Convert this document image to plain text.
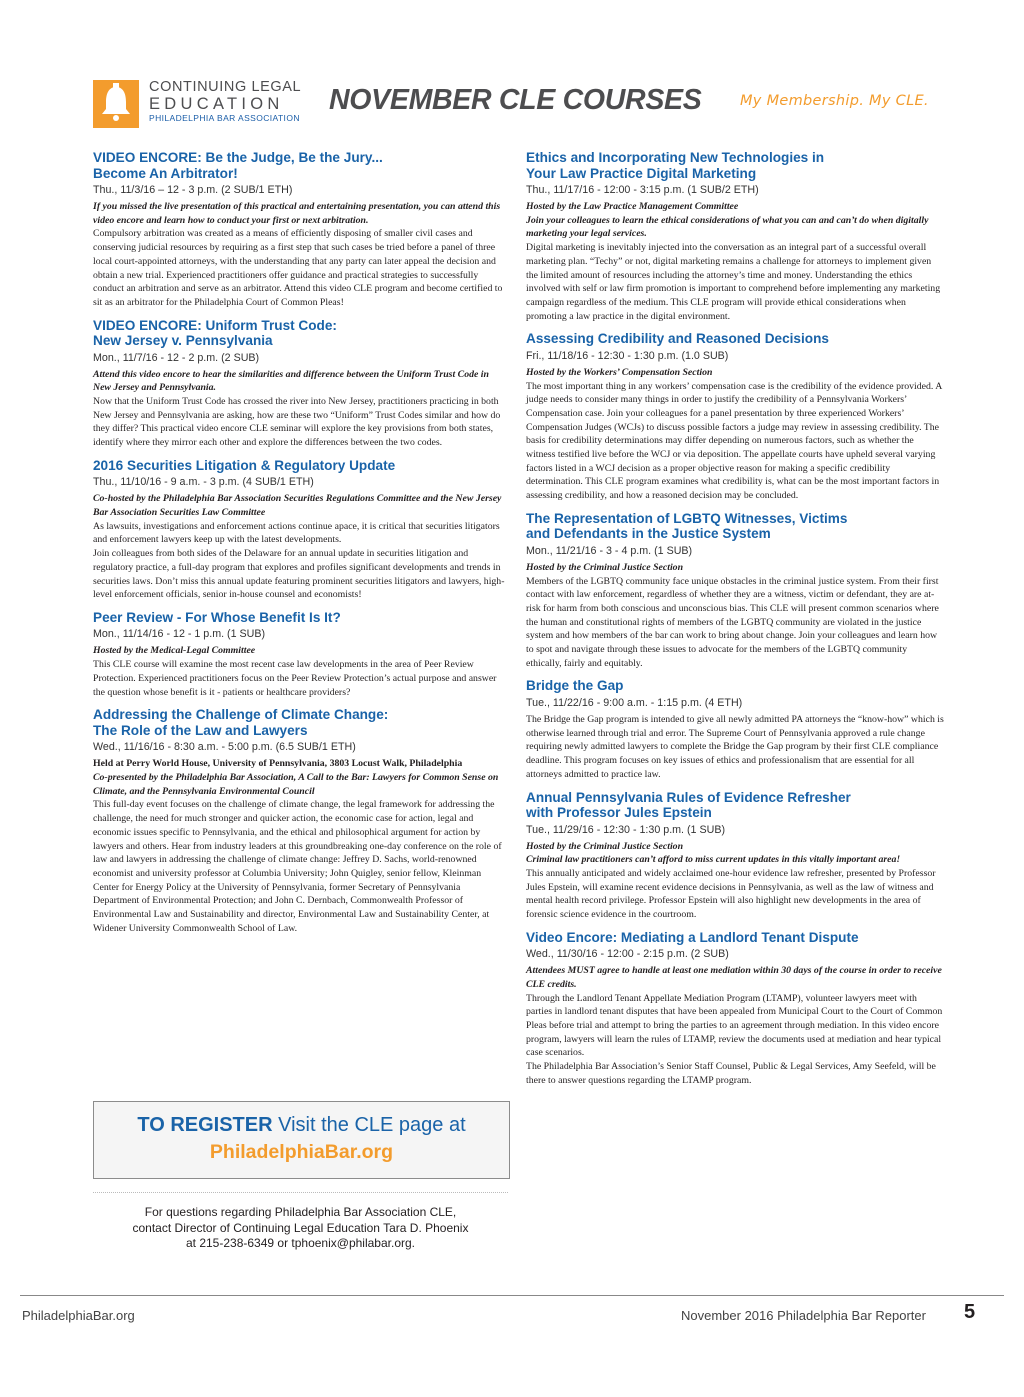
CONTINUING LEGAL
EDUCATION
PHILADELPHIA BAR ASSOCIATION
NOVEMBER CLE COURSES	My Membership. My CLE.
VIDEO ENCORE: Be the Judge, Be the Jury...
Become An Arbitrator!
Thu., 11/3/16 – 12 - 3 p.m. (2 SUB/1 ETH)

If you missed the live presentation of this practical and entertaining presentation, you can attend this video encore and learn how to conduct your first or next arbitration.

Compulsory arbitration was created as a means of efficiently disposing of smaller civil cases and conserving judicial resources by requiring as a first step that such cases be tried before a panel of three local court-appointed attorneys, with the understanding that any party can later appeal the decision and obtain a new trial. Experienced practitioners offer guidance and practical strategies to successfully conduct an arbitration and serve as an arbitrator. Attend this video CLE program and become certified to sit as an arbitrator for the Philadelphia Court of Common Pleas!

VIDEO ENCORE: Uniform Trust Code:
New Jersey v. Pennsylvania
Mon., 11/7/16 - 12 - 2 p.m. (2 SUB)

Attend this video encore to hear the similarities and difference between the Uniform Trust Code in New Jersey and Pennsylvania.

Now that the Uniform Trust Code has crossed the river into New Jersey, practitioners practicing in both New Jersey and Pennsylvania are asking, how are these two “Uniform” Trust Codes similar and how do they differ? This practical video encore CLE seminar will explore the key provisions from both states, identify where they mirror each other and explore the differences between the two codes.

2016 Securities Litigation & Regulatory Update
Thu., 11/10/16 - 9 a.m. - 3 p.m. (4 SUB/1 ETH)

Co-hosted by the Philadelphia Bar Association Securities Regulations Committee and the New Jersey Bar Association Securities Law Committee

As lawsuits, investigations and enforcement actions continue apace, it is critical that securities litigators and enforcement lawyers keep up with the latest developments.

Join colleagues from both sides of the Delaware for an annual update in securities litigation and regulatory practice, a full-day program that explores and profiles significant developments and trends in securities laws. Don’t miss this annual update featuring prominent securities litigators and lawyers, high-level enforcement officials, senior in-house counsel and economists!

Peer Review - For Whose Benefit Is It?
Mon., 11/14/16 - 12 - 1 p.m. (1 SUB)

Hosted by the Medical-Legal Committee

This CLE course will examine the most recent case law developments in the area of Peer Review Protection. Experienced practitioners focus on the Peer Review Protection’s actual purpose and answer the question whose benefit is it - patients or healthcare providers?

Addressing the Challenge of Climate Change:
The Role of the Law and Lawyers
Wed., 11/16/16 - 8:30 a.m. - 5:00 p.m. (6.5 SUB/1 ETH)

Held at Perry World House, University of Pennsylvania, 3803 Locust Walk, Philadelphia

Co-presented by the Philadelphia Bar Association, A Call to the Bar: Lawyers for Common Sense on Climate, and the Pennsylvania Environmental Council

This full-day event focuses on the challenge of climate change, the legal framework for addressing the challenge, the need for much stronger and quicker action, the economic case for action, legal and economic issues specific to Pennsylvania, and the ethical and philosophical argument for action by lawyers and others. Hear from industry leaders at this groundbreaking one-day conference on the role of law and lawyers in addressing the challenge of climate change: Jeffrey D. Sachs, world-renowned economist and university professor at Columbia University; John Quigley, senior fellow, Kleinman Center for Energy Policy at the University of Pennsylvania, former Secretary of Pennsylvania Department of Environmental Protection; and John C. Dernbach, Commonwealth Professor of Environmental Law and Sustainability and director, Environmental Law and Sustainability Center, at Widener University Commonwealth School of Law.

Ethics and Incorporating New Technologies in
Your Law Practice Digital Marketing
Thu., 11/17/16 - 12:00 - 3:15 p.m. (1 SUB/2 ETH)

Hosted by the Law Practice Management Committee

Join your colleagues to learn the ethical considerations of what you can and can’t do when digitally marketing your legal services.

Digital marketing is inevitably injected into the conversation as an integral part of a successful overall marketing plan. “Techy” or not, digital marketing remains a challenge for attorneys to implement given the limited amount of resources including the attorney’s time and money. Understanding the ethics involved with self or law firm promotion is important to comprehend before implementing any marketing campaign regardless of the medium. This CLE program will provide ethical considerations when promoting a law practice in the digital environment.

Assessing Credibility and Reasoned Decisions
Fri., 11/18/16 - 12:30 - 1:30 p.m. (1.0 SUB)

Hosted by the Workers’ Compensation Section

The most important thing in any workers’ compensation case is the credibility of the evidence provided. A judge needs to consider many things in order to justify the credibility of a Pennsylvania Workers’ Compensation case. Join your colleagues for a panel presentation by three experienced Workers’ Compensation Judges (WCJs) to discuss possible factors a judge may review in assessing credibility. The basis for credibility determinations may differ depending on numerous factors, such as whether the witness testified live before the WCJ or via deposition. The appellate courts have upheld several varying factors listed in a WCJ decision as a proper objective reason for making a specific credibility determination. This CLE program examines what credibility is, what can be the most important factors in assessing credibility, and how a reasoned decision may be concluded.

The Representation of LGBTQ Witnesses, Victims
and Defendants in the Justice System
Mon., 11/21/16 - 3 - 4 p.m. (1 SUB)

Hosted by the Criminal Justice Section

Members of the LGBTQ community face unique obstacles in the criminal justice system. From their first contact with law enforcement, regardless of whether they are a witness, victim or defendant, they are at-risk for harm from both conscious and unconscious bias. This CLE will present common scenarios where the human and constitutional rights of members of the LGBTQ community are violated in the justice system and how members of the bar can work to bring about change. Join your colleagues and learn how to spot and navigate through these issues to advocate for the members of the LGBTQ community ethically, fairly and equitably.

Bridge the Gap
Tue., 11/22/16 - 9:00 a.m. - 1:15 p.m. (4 ETH)

The Bridge the Gap program is intended to give all newly admitted PA attorneys the “know-how” which is otherwise learned through trial and error. The Supreme Court of Pennsylvania approved a rule change requiring newly admitted lawyers to complete the Bridge the Gap program by their first CLE compliance deadline. This program focuses on key issues of ethics and professionalism that are essential for all attorneys admitted to practice law.

Annual Pennsylvania Rules of Evidence Refresher
with Professor Jules Epstein
Tue., 11/29/16 - 12:30 - 1:30 p.m. (1 SUB)

Hosted by the Criminal Justice Section

Criminal law practitioners can’t afford to miss current updates in this vitally important area!

This annually anticipated and widely acclaimed one-hour evidence law refresher, presented by Professor Jules Epstein, will examine recent evidence decisions in Pennsylvania, as well as the law of witness and mental health record privilege. Professor Epstein will also highlight new developments in the area of forensic science evidence in the courtroom.

Video Encore: Mediating a Landlord Tenant Dispute
Wed., 11/30/16 - 12:00 - 2:15 p.m. (2 SUB)

Attendees MUST agree to handle at least one mediation within 30 days of the course in order to receive CLE credits.

Through the Landlord Tenant Appellate Mediation Program (LTAMP), volunteer lawyers meet with parties in landlord tenant disputes that have been appealed from Municipal Court to the Court of Common Pleas before trial and attempt to bring the parties to an agreement through mediation. In this video encore program, lawyers will learn the rules of LTAMP, review the documents used at mediation and hear typical case scenarios.

The Philadelphia Bar Association’s Senior Staff Counsel, Public & Legal Services, Amy Seefeld, will be there to answer questions regarding the LTAMP program.

TO REGISTER Visit the CLE page at
PhiladelphiaBar.org
For questions regarding Philadelphia Bar Association CLE,
contact Director of Continuing Legal Education Tara D. Phoenix
at 215-238-6349 or tphoenix@philabar.org.
PhiladelphiaBar.org	November 2016 Philadelphia Bar Reporter 5
